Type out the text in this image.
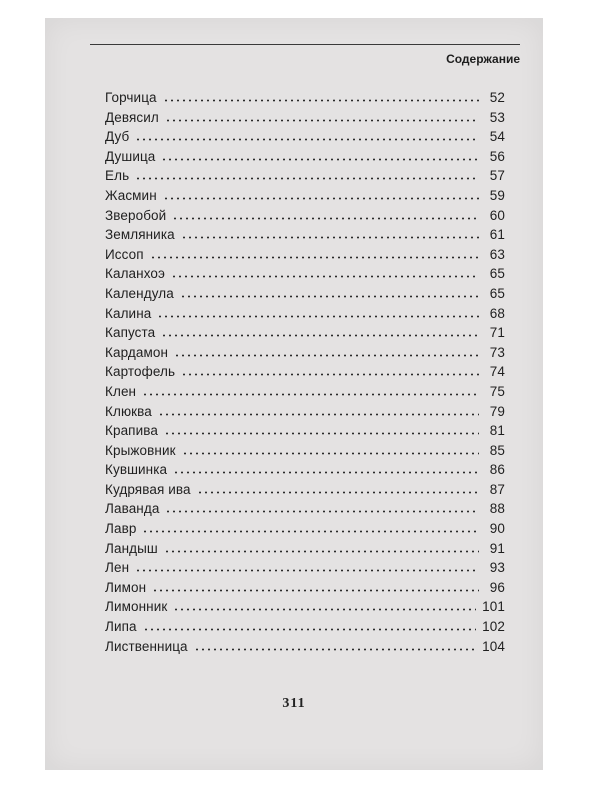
Содержание
Горчица	52
Девясил	53
Дуб	54
Душица	56
Ель	57
Жасмин	59
Зверобой	60
Земляника	61
Иссоп	63
Каланхоэ	65
Календула	65
Калина	68
Капуста	71
Кардамон	73
Картофель	74
Клен	75
Клюква	79
Крапива	81
Крыжовник	85
Кувшинка	86
Кудрявая ива	87
Лаванда	88
Лавр	90
Ландыш	91
Лен	93
Лимон	96
Лимонник	101
Липа	102
Лиственница	104
311
